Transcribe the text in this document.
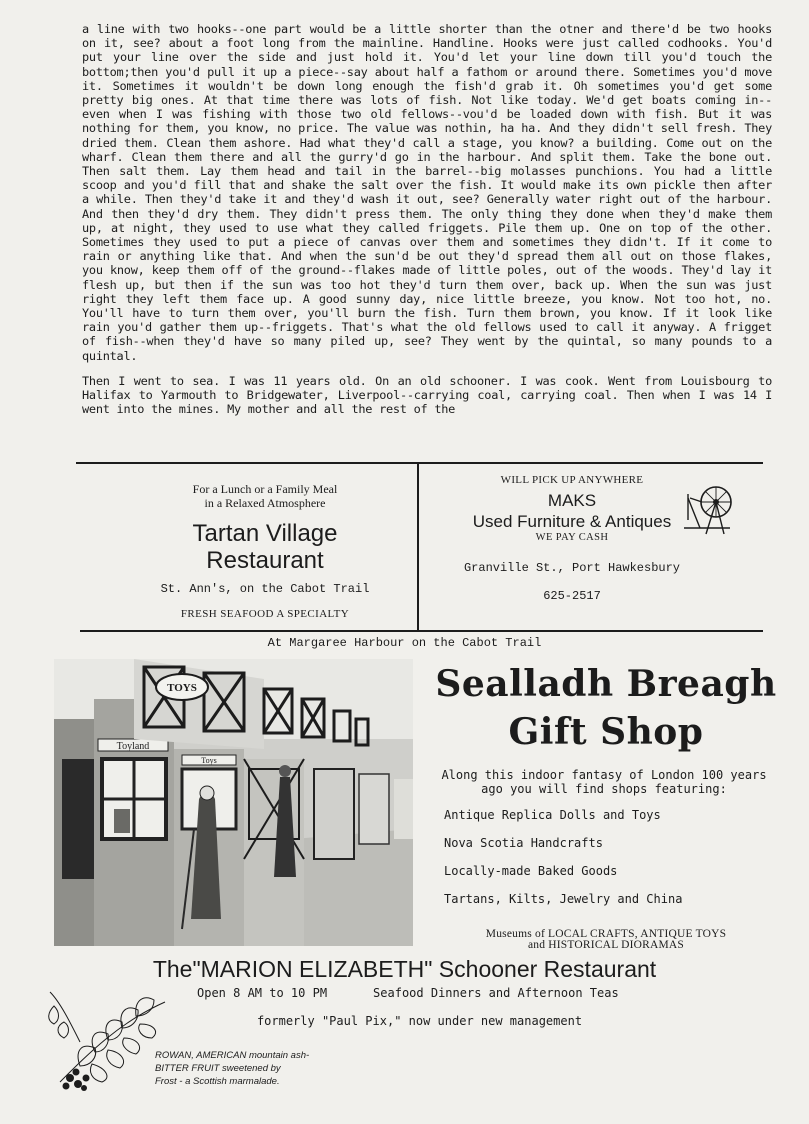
a line with two hooks--one part would be a little shorter than the otner and there'd be two hooks on it, see? about a foot long from the mainline. Handline. Hooks were just called codhooks. You'd put your line over the side and just hold it. You'd let your line down till you'd touch the bottom;then you'd pull it up a piece--say about half a fathom or around there. Sometimes you'd move it. Sometimes it wouldn't be down long enough the fish'd grab it. Oh sometimes you'd get some pretty big ones. At that time there was lots of fish. Not like today. We'd get boats coming in--even when I was fishing with those two old fellows--vou'd be loaded down with fish. But it was nothing for them, you know, no price. The value was nothin, ha ha. And they didn't sell fresh. They dried them. Clean them ashore. Had what they'd call a stage, you know? a building. Come out on the wharf. Clean them there and all the gurry'd go in the harbour. And split them. Take the bone out. Then salt them. Lay them head and tail in the barrel--big molasses punchions. You had a little scoop and you'd fill that and shake the salt over the fish. It would make its own pickle then after a while. Then they'd take it and they'd wash it out, see? Generally water right out of the harbour. And then they'd dry them. They didn't press them. The only thing they done when they'd make them up, at night, they used to use what they called friggets. Pile them up. One on top of the other. Sometimes they used to put a piece of canvas over them and sometimes they didn't. If it come to rain or anything like that. And when the sun'd be out they'd spread them all out on those flakes, you know, keep them off of the ground--flakes made of little poles, out of the woods. They'd lay it flesh up, but then if the sun was too hot they'd turn them over, back up. When the sun was just right they left them face up. A good sunny day, nice little breeze, you know. Not too hot, no. You'll have to turn them over, you'll burn the fish. Turn them brown, you know. If it look like rain you'd gather them up--friggets. That's what the old fellows used to call it anyway. A frigget of fish--when they'd have so many piled up, see? They went by the quintal, so many pounds to a quintal.

Then I went to sea. I was 11 years old. On an old schooner. I was cook. Went from Louisbourg to Halifax to Yarmouth to Bridgewater, Liverpool--carrying coal, carrying coal. Then when I was 14 I went into the mines. My mother and all the rest of the

For a Lunch or a Family Meal
in a Relaxed Atmosphere
Tartan Village
Restaurant
St. Ann's, on the Cabot Trail
FRESH SEAFOOD A SPECIALTY
WILL PICK UP ANYWHERE
MAKS
Used Furniture & Antiques
WE PAY CASH
Granville St., Port Hawkesbury
625-2517
At Margaree Harbour on the Cabot Trail
Toyland
TOYS
Toys
Sealladh Breagh
Gift Shop
Along this indoor fantasy of London 100 years ago you will find shops featuring:
Antique Replica Dolls and Toys
Nova Scotia Handcrafts
Locally-made Baked Goods
Tartans, Kilts, Jewelry and China
Museums of LOCAL CRAFTS, ANTIQUE TOYS
and HISTORICAL DIORAMAS
The"MARION ELIZABETH" Schooner Restaurant
Open 8 AM to 10 PM	Seafood Dinners and Afternoon Teas
formerly "Paul Pix," now under new management
ROWAN, AMERICAN mountain ash-
BITTER FRUIT sweetened by
Frost - a Scottish marmalade.
